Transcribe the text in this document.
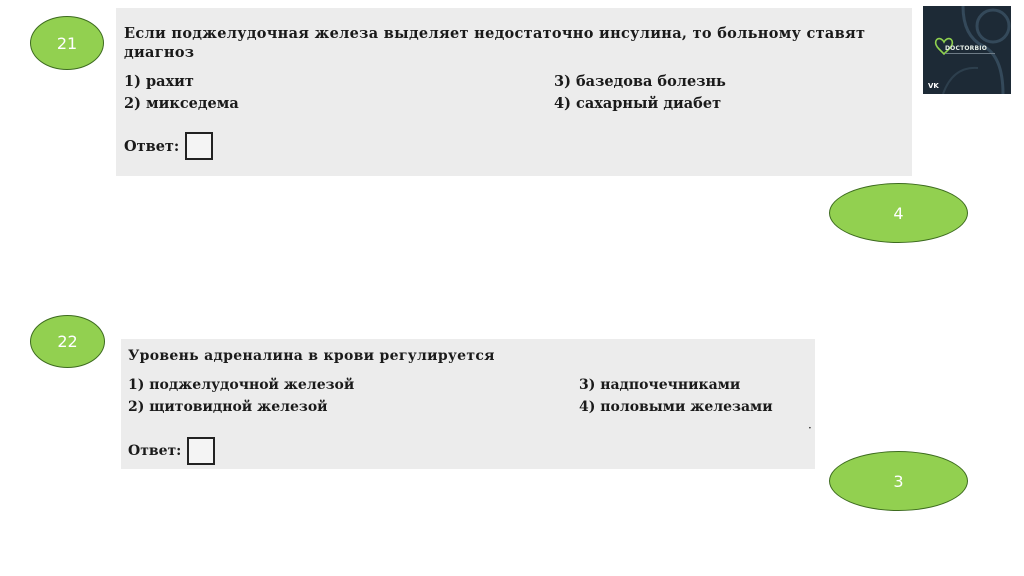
21	Если поджелудочная железа выделяет недостаточно инсулина, то больному ставят диагноз

1) рахит
2) микседема
3) базедова болезнь
4) сахарный диабет
Ответ:
4
22

Уровень адреналина в крови регулируется

1) поджелудочной железой
2) щитовидной железой
3) надпочечниками
4) половыми железами
Ответ:
·
3
DOCTORBIO
VK
